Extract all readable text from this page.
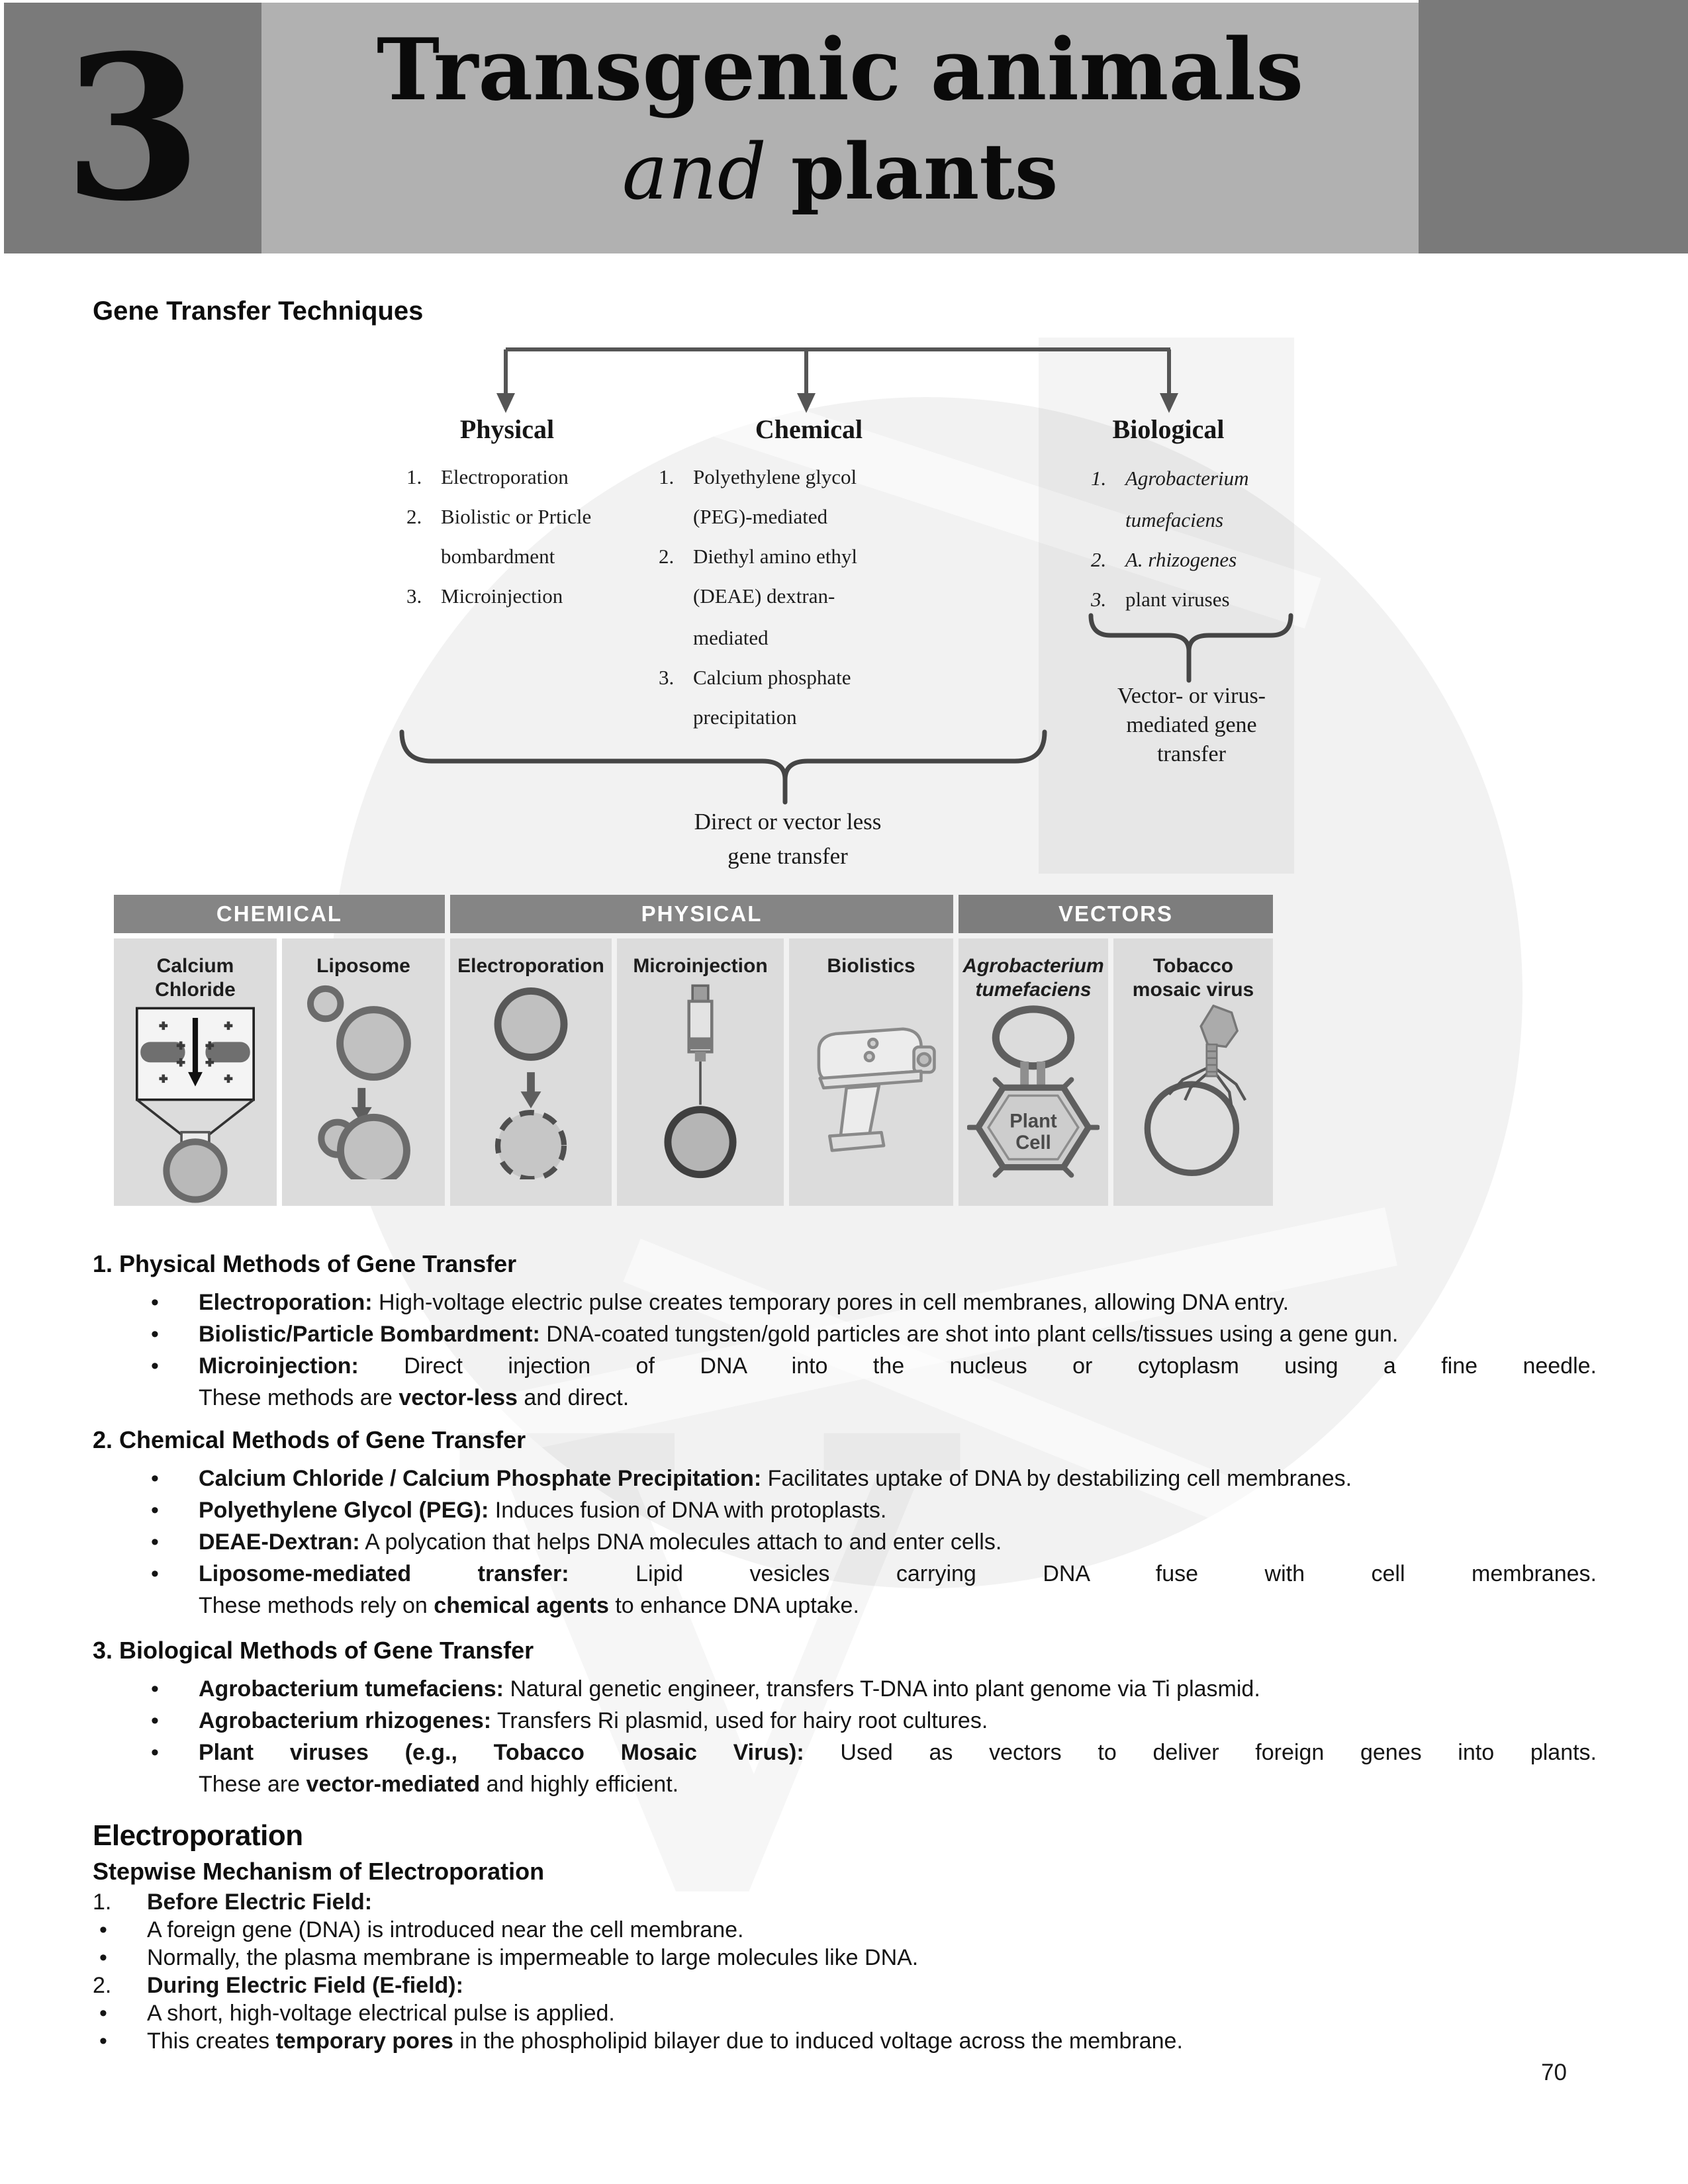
3	Transgenic animals
and plants
Gene Transfer Techniques
Physical	Chemical	Biological
1. Electroporation
2. Biolistic or Prticle
bombardment
3. Microinjection
1. Polyethylene glycol
(PEG)-mediated
2. Diethyl amino ethyl
(DEAE) dextran-
mediated
3. Calcium phosphate
precipitation
1. Agrobacterium
tumefaciens
2. A. rhizogenes
3. plant viruses
Vector- or virus-
mediated gene
transfer
Direct or vector less
gene transfer
CHEMICAL	PHYSICAL	VECTORS
Calcium Chloride
Liposome	Electroporation	Microinjection	Biolistics	Agrobacterium tumefaciens
Plant
Cell
Tobacco mosaic virus
1. Physical Methods of Gene Transfer
• Electroporation: High-voltage electric pulse creates temporary pores in cell membranes, allowing DNA entry.
• Biolistic/Particle Bombardment: DNA-coated tungsten/gold particles are shot into plant cells/tissues using a gene gun.
• Microinjection: Direct injection of DNA into the nucleus or cytoplasm using a fine needle.
These methods are vector-less and direct.
2. Chemical Methods of Gene Transfer
• Calcium Chloride / Calcium Phosphate Precipitation: Facilitates uptake of DNA by destabilizing cell membranes.
• Polyethylene Glycol (PEG): Induces fusion of DNA with protoplasts.
• DEAE-Dextran: A polycation that helps DNA molecules attach to and enter cells.
• Liposome-mediated transfer:	Lipid vesicles carrying DNA fuse with cell membranes.
These methods rely on chemical agents to enhance DNA uptake.
3. Biological Methods of Gene Transfer
• Agrobacterium tumefaciens: Natural genetic engineer, transfers T-DNA into plant genome via Ti plasmid.
• Agrobacterium rhizogenes: Transfers Ri plasmid, used for hairy root cultures.
• Plant viruses (e.g., Tobacco Mosaic Virus): Used as vectors to deliver foreign genes into plants.
These are vector-mediated and highly efficient.
Electroporation
Stepwise Mechanism of Electroporation
1. Before Electric Field:
• A foreign gene (DNA) is introduced near the cell membrane.
• Normally, the plasma membrane is impermeable to large molecules like DNA.
2. During Electric Field (E-field):
• A short, high-voltage electrical pulse is applied.
• This creates temporary pores in the phospholipid bilayer due to induced voltage across the membrane.
70
